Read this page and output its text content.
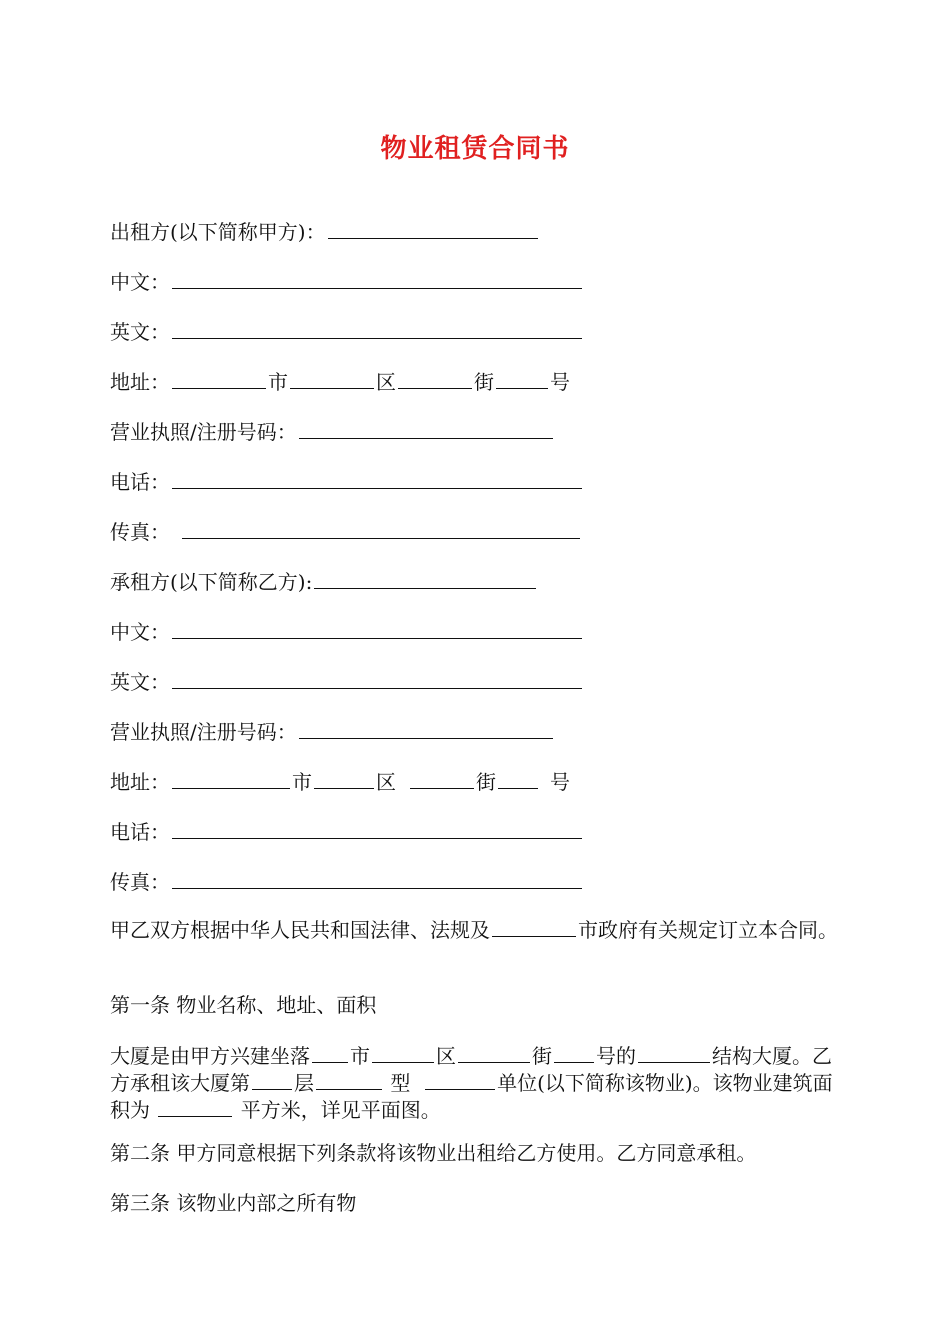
物业租赁合同书
出租方(以下简称甲方)：
中文：
英文：
地址：	市	区	街	号
营业执照/注册号码：
电话：
传真：
承租方(以下简称乙方):
中文：
英文：
营业执照/注册号码：
地址：	市	区	街	号
电话：
传真：
甲乙双方根据中华人民共和国法律、法规及	市政府有关规定订立本合同。
第一条 物业名称、地址、面积
大厦是由甲方兴建坐落 市	区	街 号的	结构大厦。乙方承租该大厦第 层	型	单位(以下简称该物业)。该物业建筑面积为	平方米，详见平面图。
第二条 甲方同意根据下列条款将该物业出租给乙方使用。乙方同意承租。
第三条 该物业内部之所有物
